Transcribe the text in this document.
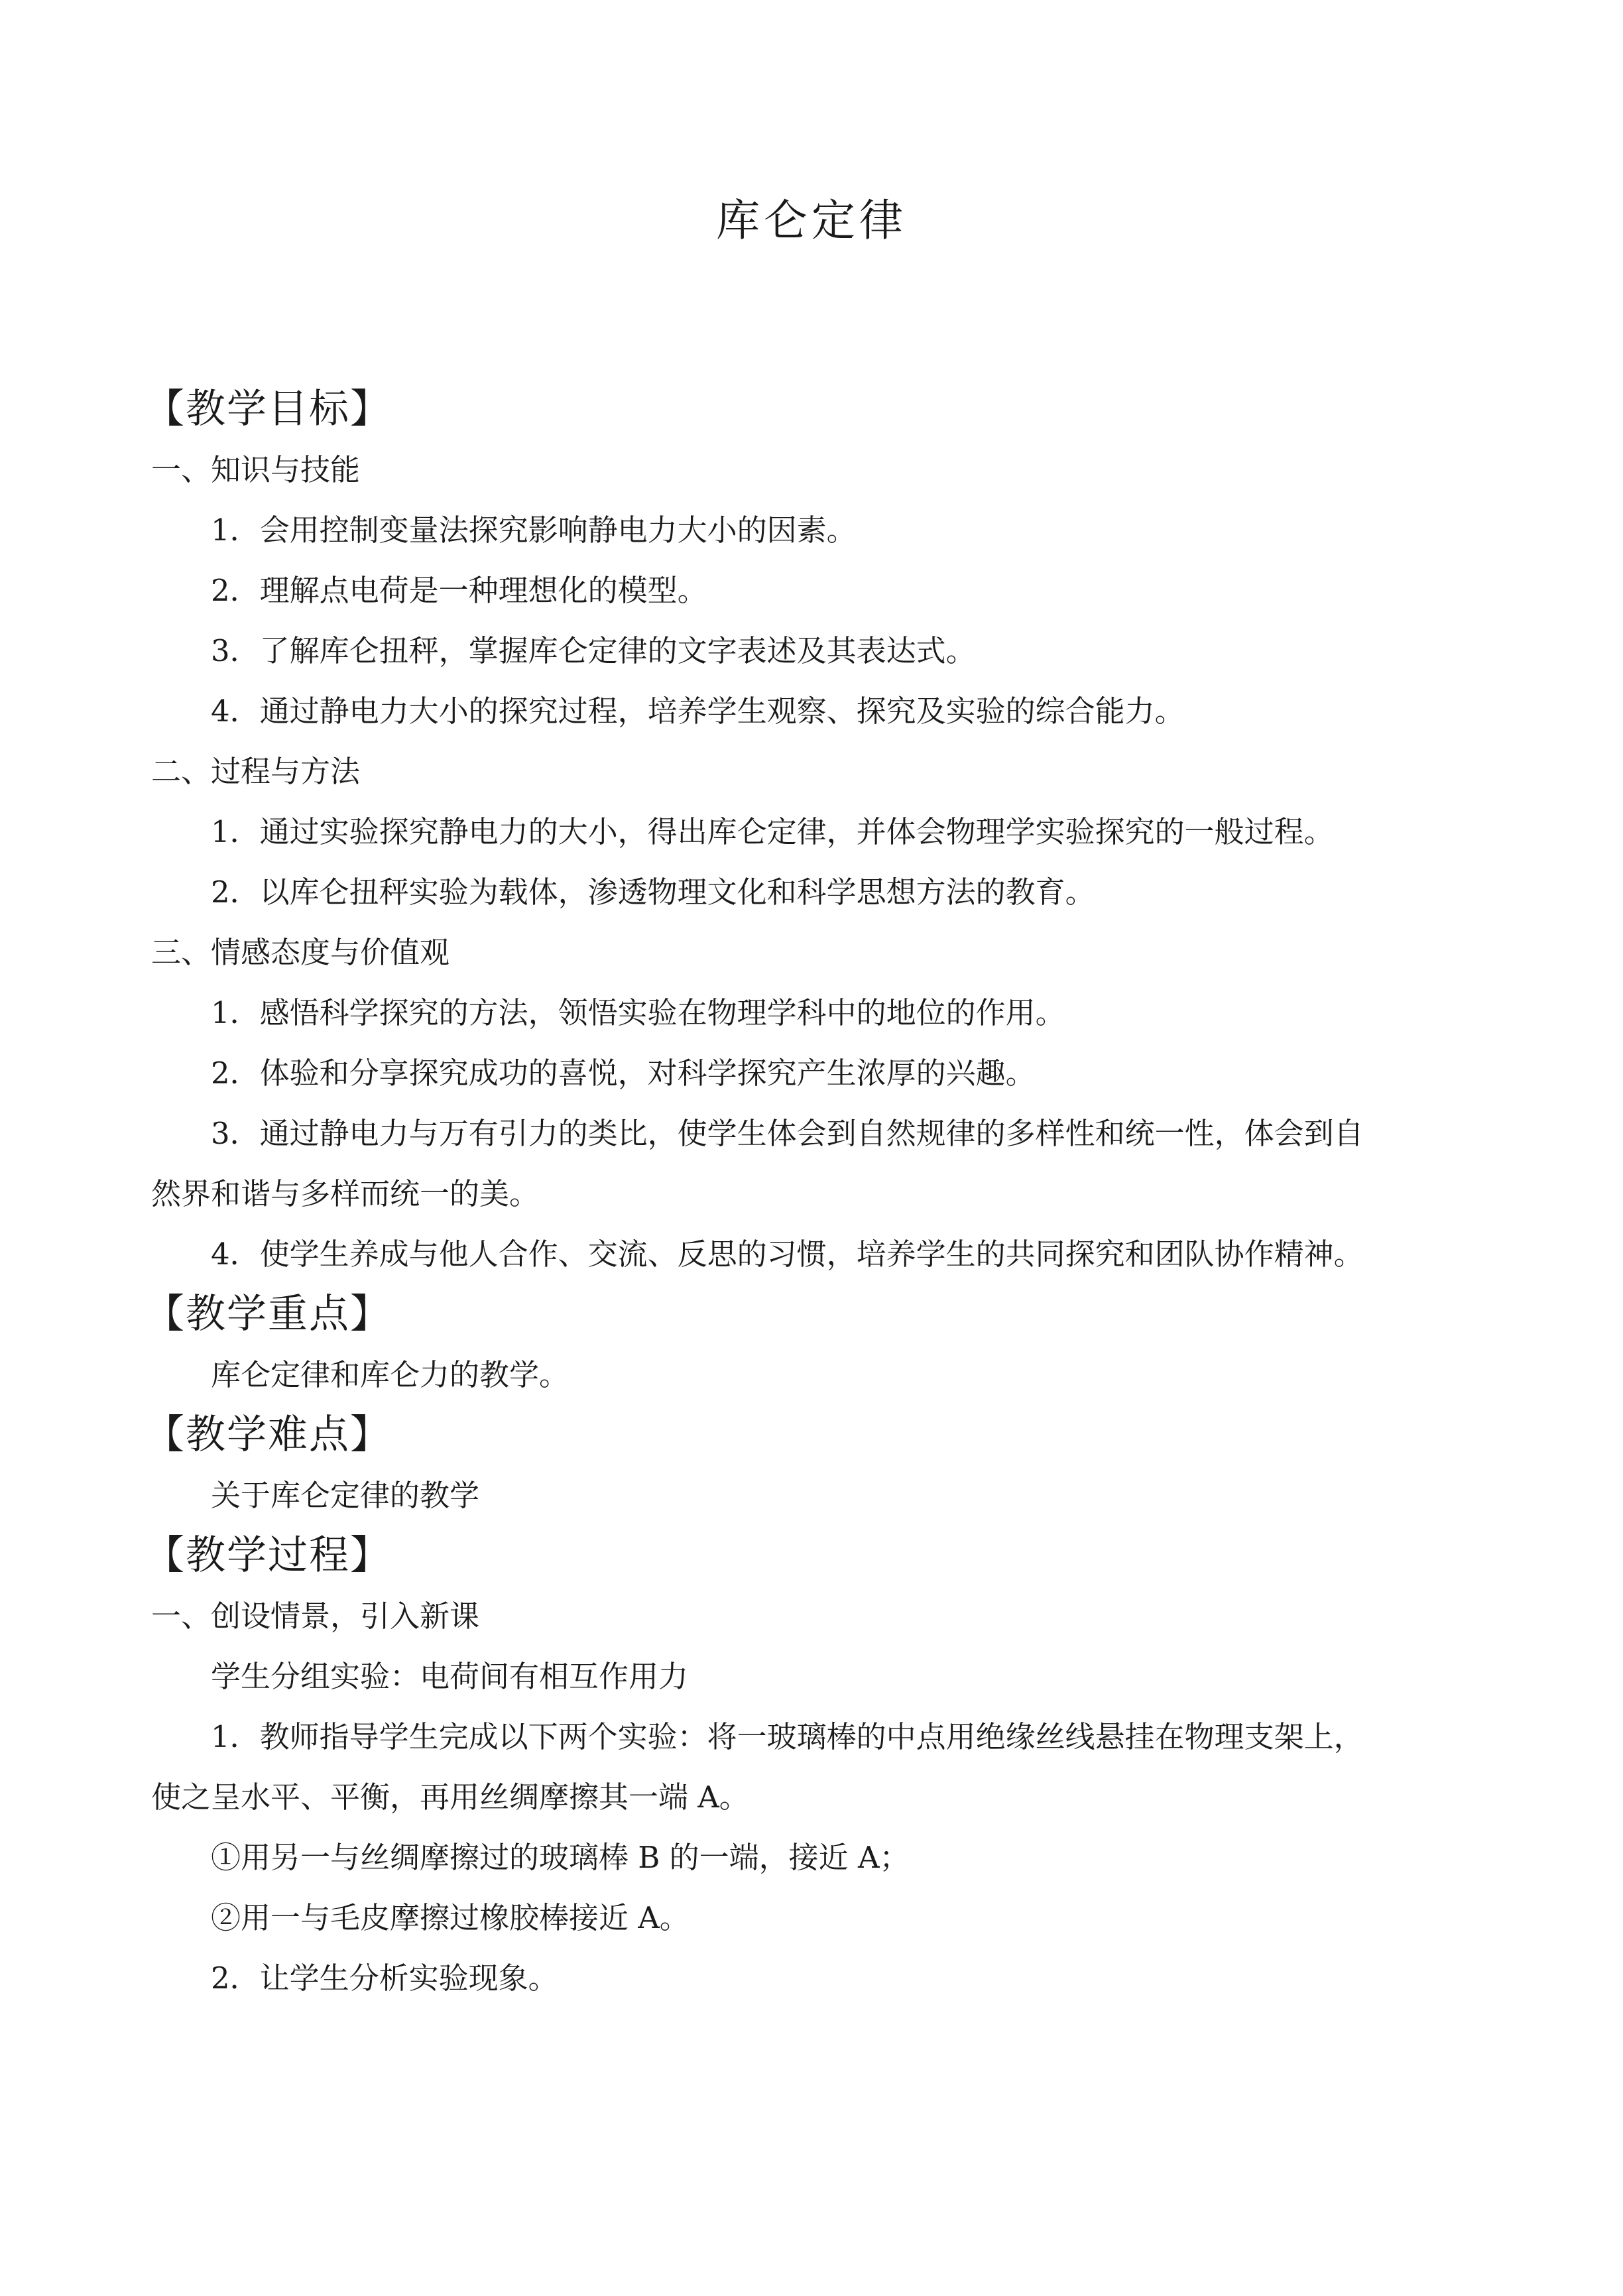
库仑定律
【教学目标】
一、知识与技能
1．会用控制变量法探究影响静电力大小的因素。
2．理解点电荷是一种理想化的模型。
3．了解库仑扭秤，掌握库仑定律的文字表述及其表达式。
4．通过静电力大小的探究过程，培养学生观察、探究及实验的综合能力。
二、过程与方法
1．通过实验探究静电力的大小，得出库仑定律，并体会物理学实验探究的一般过程。
2．以库仑扭秤实验为载体，渗透物理文化和科学思想方法的教育。
三、情感态度与价值观
1．感悟科学探究的方法，领悟实验在物理学科中的地位的作用。
2．体验和分享探究成功的喜悦，对科学探究产生浓厚的兴趣。
3．通过静电力与万有引力的类比，使学生体会到自然规律的多样性和统一性，体会到自
然界和谐与多样而统一的美。
4．使学生养成与他人合作、交流、反思的习惯，培养学生的共同探究和团队协作精神。
【教学重点】
库仑定律和库仑力的教学。
【教学难点】
关于库仑定律的教学
【教学过程】
一、创设情景，引入新课
学生分组实验：电荷间有相互作用力
1．教师指导学生完成以下两个实验：将一玻璃棒的中点用绝缘丝线悬挂在物理支架上，
使之呈水平、平衡，再用丝绸摩擦其一端 A。
①用另一与丝绸摩擦过的玻璃棒 B 的一端，接近 A；
②用一与毛皮摩擦过橡胶棒接近 A。
2．让学生分析实验现象。
